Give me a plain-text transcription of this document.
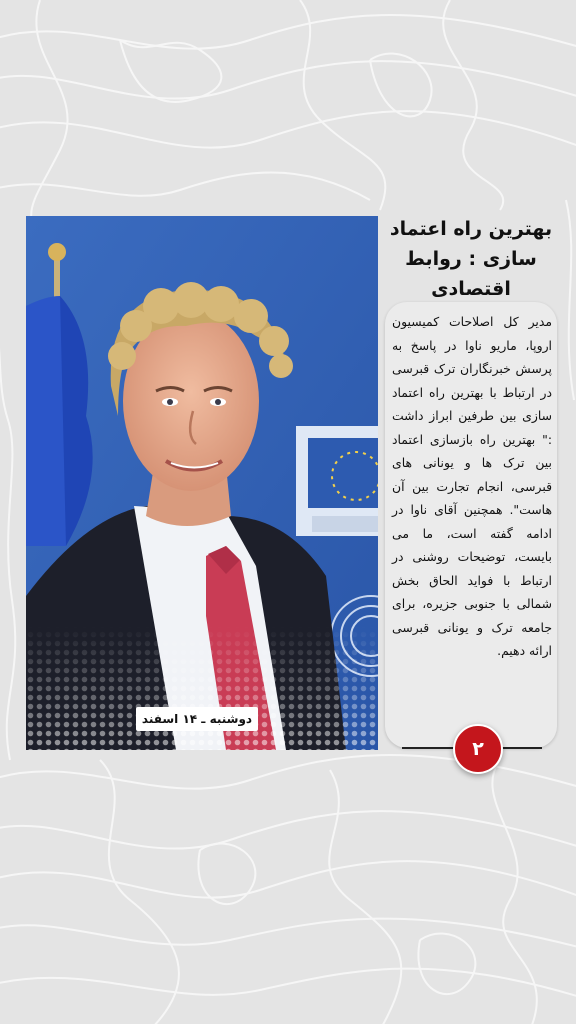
دوشنبه ـ ۱۴ اسفند
بهترین راه اعتماد سازی : روابط اقتصادی
مدیر کل اصلاحات کمیسیون اروپا، ماریو ناوا در پاسخ به پرسش خبرنگاران ترک قبرسی در ارتباط با بهترین راه اعتماد سازی بین طرفین ابراز داشت :" بهترین راه بازسازی اعتماد بین ترک ها و یونانی های قبرسی، انجام تجارت بین آن هاست". همچنین آقای ناوا در ادامه گفته است، ما می بایست، توضیحات روشنی در ارتباط با فواید الحاق بخش شمالی با جنوبی جزیره، برای جامعه ترک و یونانی قبرسی ارائه دهیم.
۲
